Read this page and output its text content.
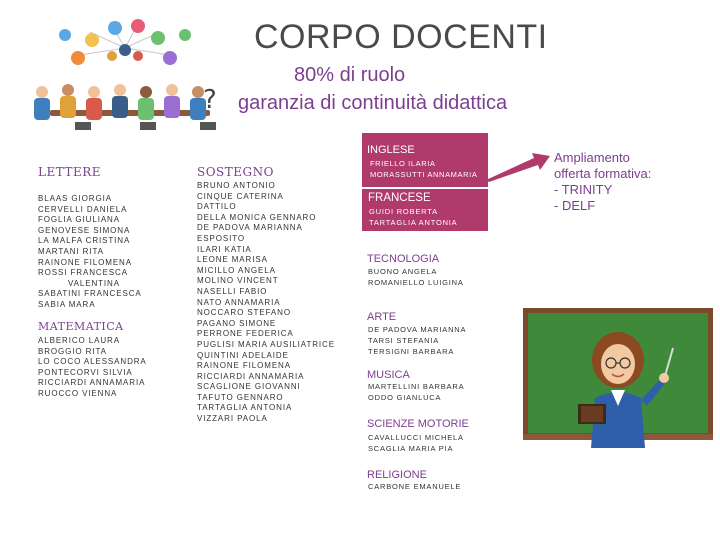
?
CORPO DOCENTI
80% di ruolo
garanzia di continuità didattica
LETTERE
BLAAS GIORGIA
CERVELLI DANIELA
FOGLIA GIULIANA
GENOVESE SIMONA
LA MALFA CRISTINA
MARTANI RITA
RAINONE FILOMENA
ROSSI FRANCESCA
VALENTINA
SABATINI FRANCESCA
SABIA MARA
MATEMATICA
ALBERICO LAURA
BROGGIO RITA
LO COCO ALESSANDRA
PONTECORVI SILVIA
RICCIARDI ANNAMARIA
RUOCCO VIENNA
SOSTEGNO
BRUNO ANTONIO
CINQUE CATERINA
DATTILO
DELLA MONICA GENNARO
DE PADOVA MARIANNA
ESPOSITO
ILARI KATIA
LEONE MARISA
MICILLO ANGELA
MOLINO VINCENT
NASELLI FABIO
NATO ANNAMARIA
NOCCARO STEFANO
PAGANO SIMONE
PERRONE FEDERICA
PUGLISI MARIA AUSILIATRICE
QUINTINI ADELAIDE
RAINONE FILOMENA
RICCIARDI ANNAMARIA
SCAGLIONE GIOVANNI
TAFUTO GENNARO
TARTAGLIA ANTONIA
VIZZARI PAOLA
INGLESE
FRIELLO ILARIA
MORASSUTTI ANNAMARIA
FRANCESE
GUIDI ROBERTA
TARTAGLIA ANTONIA
Ampliamento
offerta formativa:
- TRINITY
- DELF
TECNOLOGIA
BUONO ANGELA
ROMANIELLO LUIGINA
ARTE
DE PADOVA MARIANNA
TARSI STEFANIA
TERSIGNI BARBARA
MUSICA
MARTELLINI BARBARA
ODDO GIANLUCA
SCIENZE MOTORIE
CAVALLUCCI MICHELA
SCAGLIA MARIA PIA
RELIGIONE
CARBONE EMANUELE
